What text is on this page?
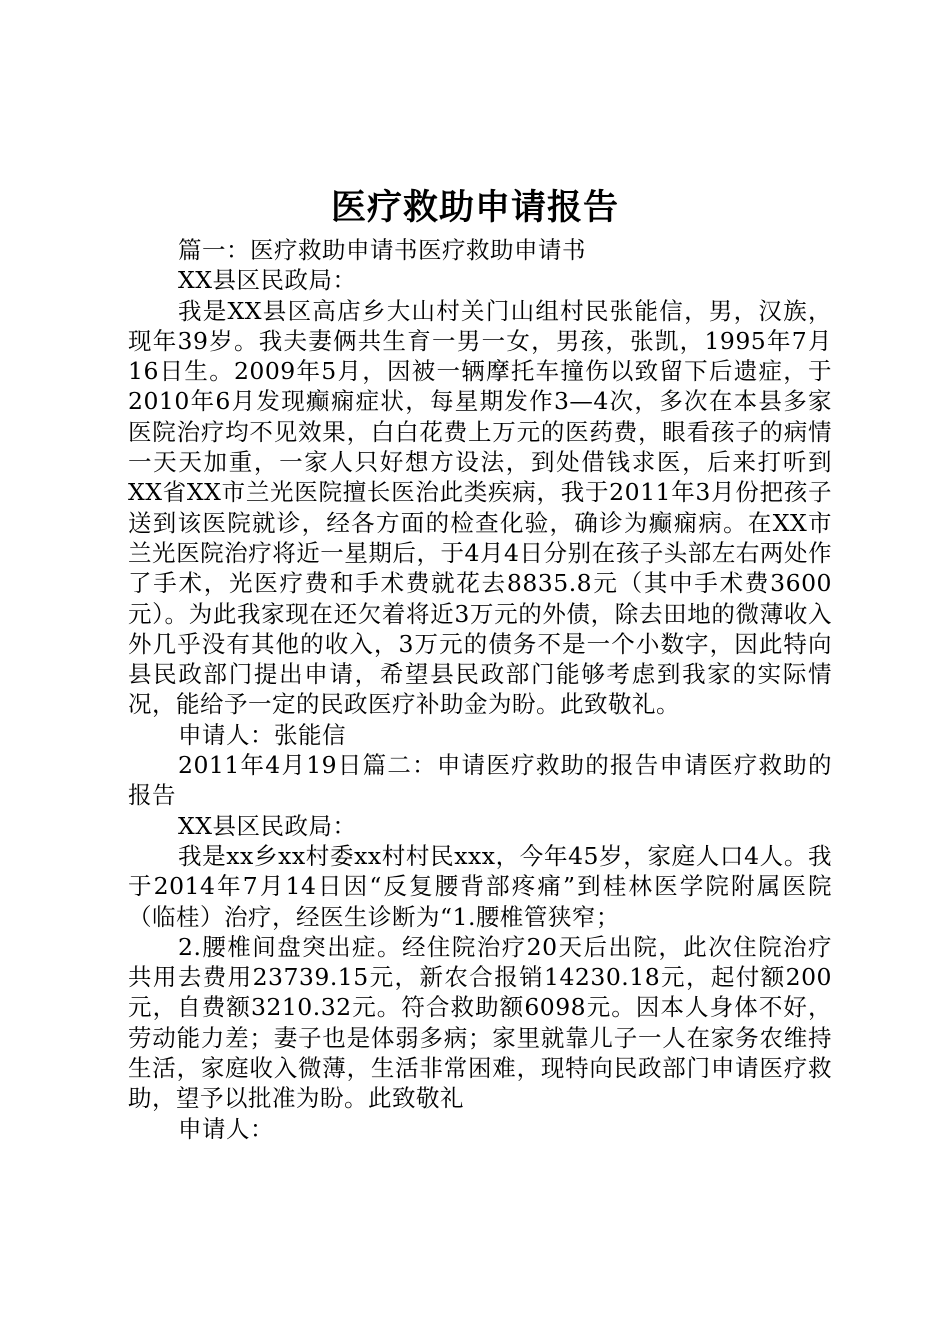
医疗救助申请报告

篇一：医疗救助申请书医疗救助申请书

XX县区民政局：

我是XX县区高店乡大山村关门山组村民张能信，男，汉族，现年39岁。我夫妻俩共生育一男一女，男孩，张凯，1995年7月16日生。2009年5月，因被一辆摩托车撞伤以致留下后遗症，于2010年6月发现癫痫症状，每星期发作3—4次，多次在本县多家医院治疗均不见效果，白白花费上万元的医药费，眼看孩子的病情一天天加重，一家人只好想方设法，到处借钱求医，后来打听到XX省XX市兰光医院擅长医治此类疾病，我于2011年3月份把孩子送到该医院就诊，经各方面的检查化验，确诊为癫痫病。在XX市兰光医院治疗将近一星期后，于4月4日分别在孩子头部左右两处作了手术，光医疗费和手术费就花去8835.8元（其中手术费3600元）。为此我家现在还欠着将近3万元的外债，除去田地的微薄收入外几乎没有其他的收入，3万元的债务不是一个小数字，因此特向县民政部门提出申请，希望县民政部门能够考虑到我家的实际情况，能给予一定的民政医疗补助金为盼。此致敬礼。

申请人：张能信

2011年4月19日篇二：申请医疗救助的报告申请医疗救助的报告

XX县区民政局：

我是xx乡xx村委xx村村民xxx，今年45岁，家庭人口4人。我于2014年7月14日因“反复腰背部疼痛”到桂林医学院附属医院（临桂）治疗，经医生诊断为“1.腰椎管狭窄；

2.腰椎间盘突出症。经住院治疗20天后出院，此次住院治疗共用去费用23739.15元，新农合报销14230.18元，起付额200元，自费额3210.32元。符合救助额6098元。因本人身体不好，劳动能力差；妻子也是体弱多病；家里就靠儿子一人在家务农维持生活，家庭收入微薄，生活非常困难，现特向民政部门申请医疗救助，望予以批准为盼。此致敬礼

申请人：
